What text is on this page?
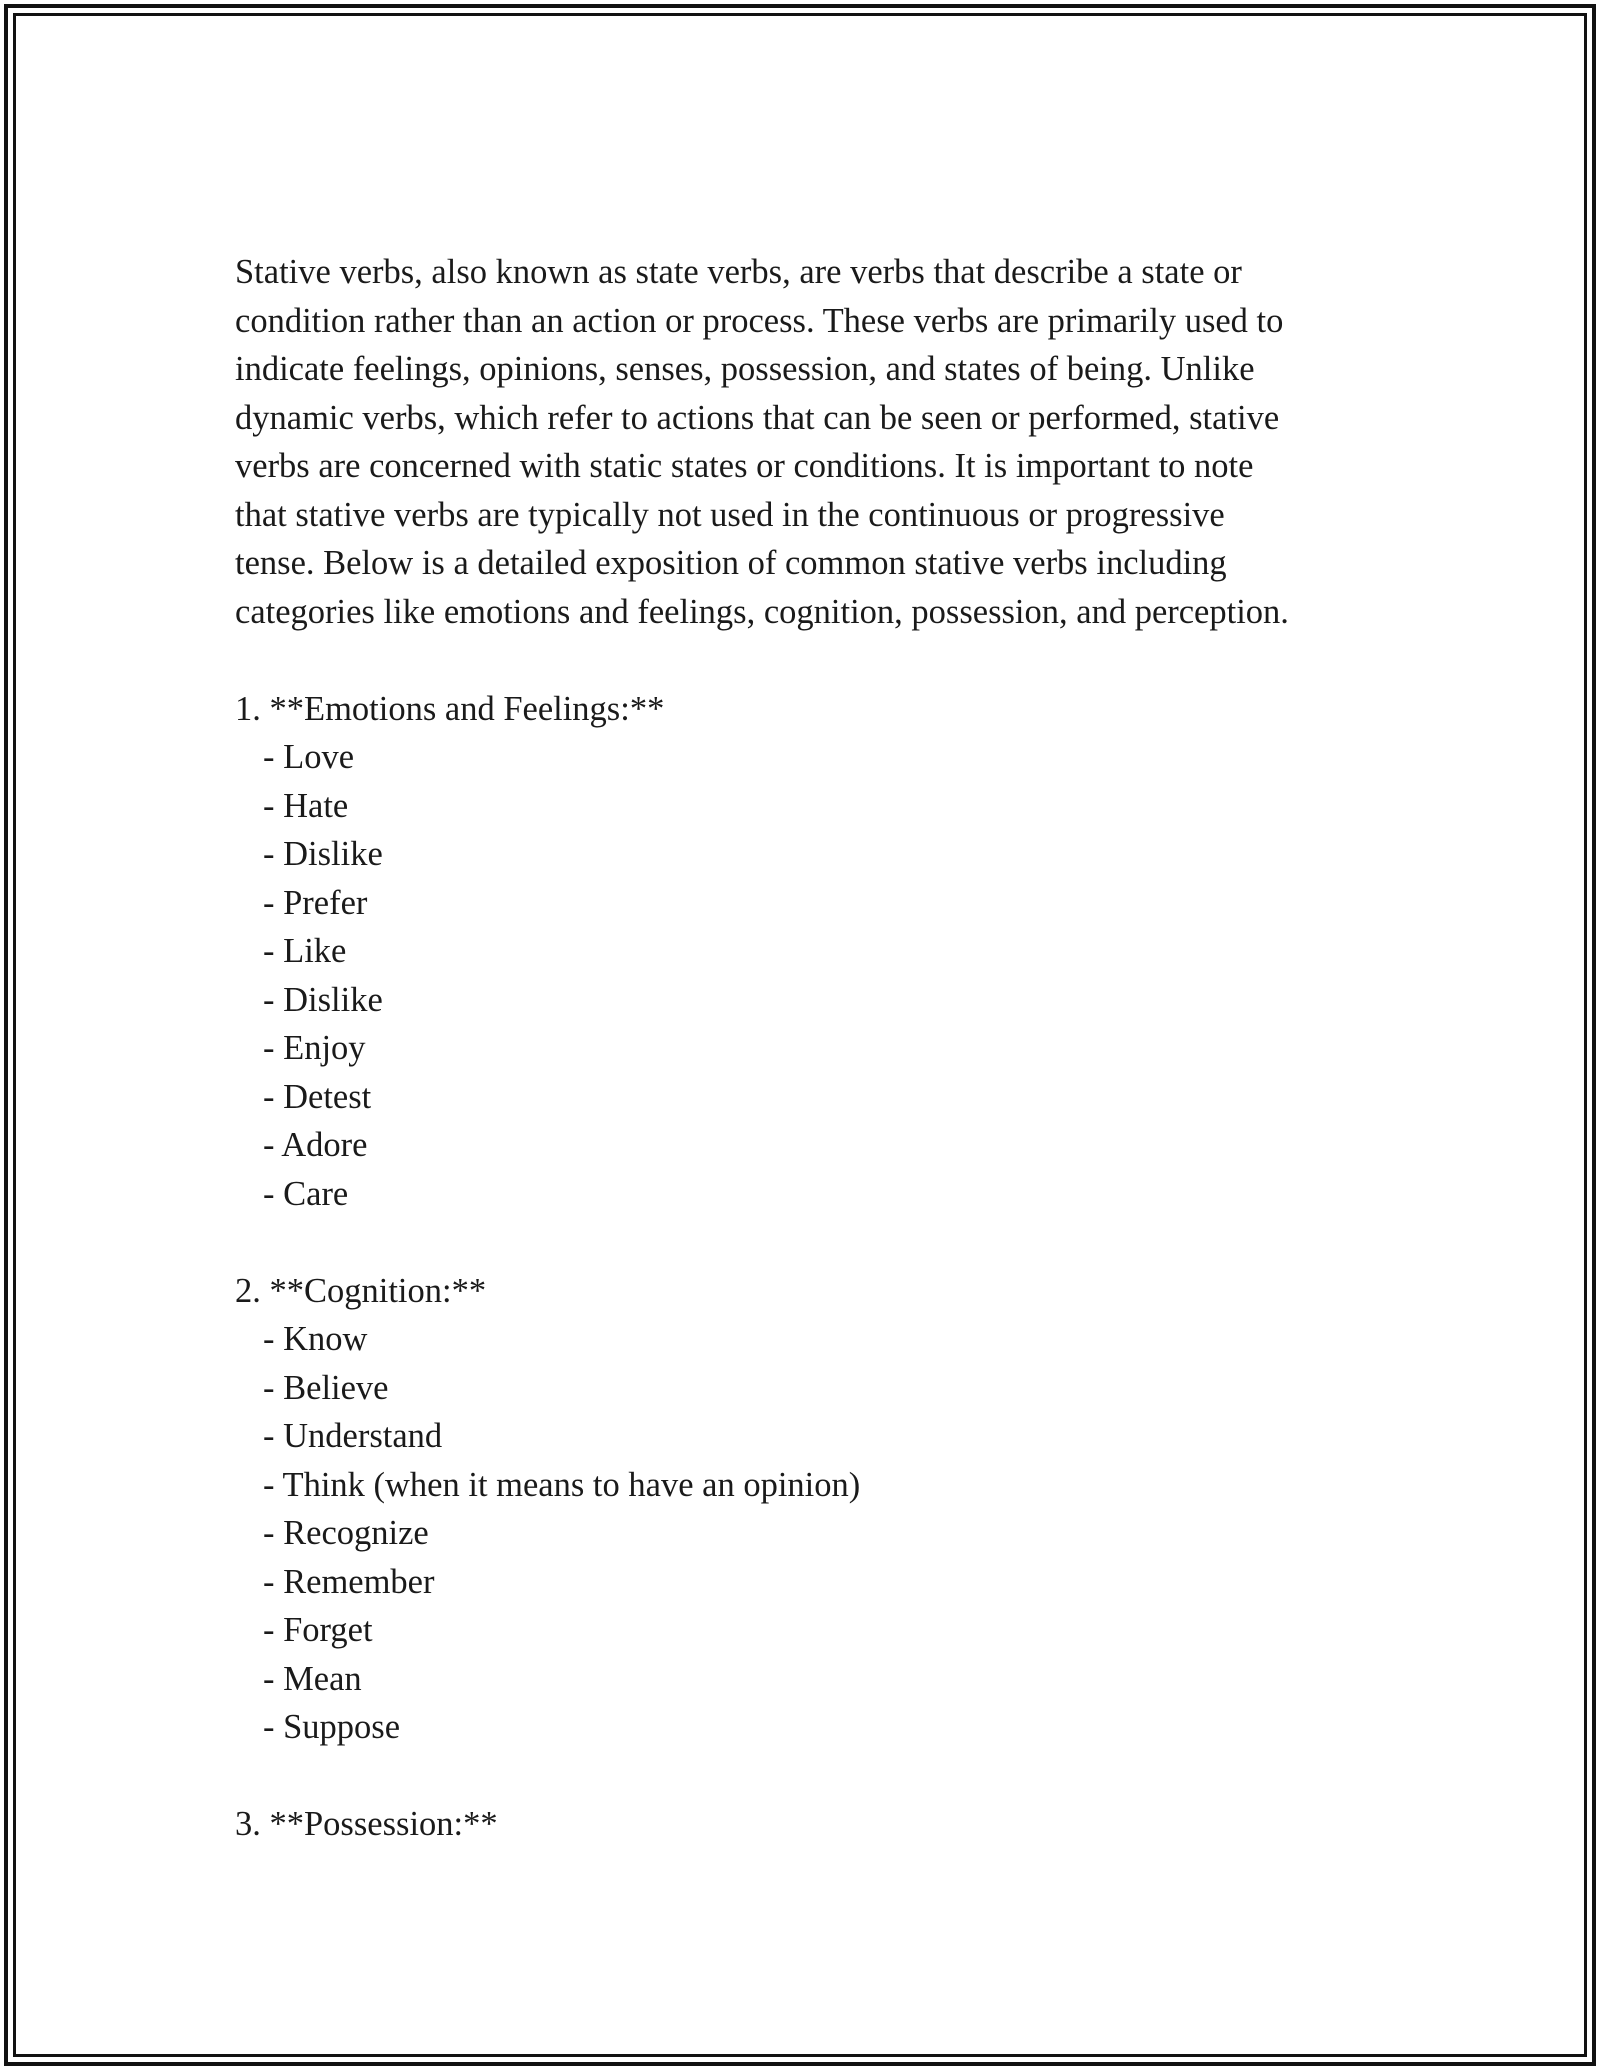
Stative verbs, also known as state verbs, are verbs that describe a state or
condition rather than an action or process. These verbs are primarily used to
indicate feelings, opinions, senses, possession, and states of being. Unlike
dynamic verbs, which refer to actions that can be seen or performed, stative
verbs are concerned with static states or conditions. It is important to note
that stative verbs are typically not used in the continuous or progressive
tense. Below is a detailed exposition of common stative verbs including
categories like emotions and feelings, cognition, possession, and perception.

1. **Emotions and Feelings:**

- Love
- Hate
- Dislike
- Prefer
- Like
- Dislike
- Enjoy
- Detest
- Adore
- Care

2. **Cognition:**

- Know
- Believe
- Understand
- Think (when it means to have an opinion)
- Recognize
- Remember
- Forget
- Mean
- Suppose

3. **Possession:**
